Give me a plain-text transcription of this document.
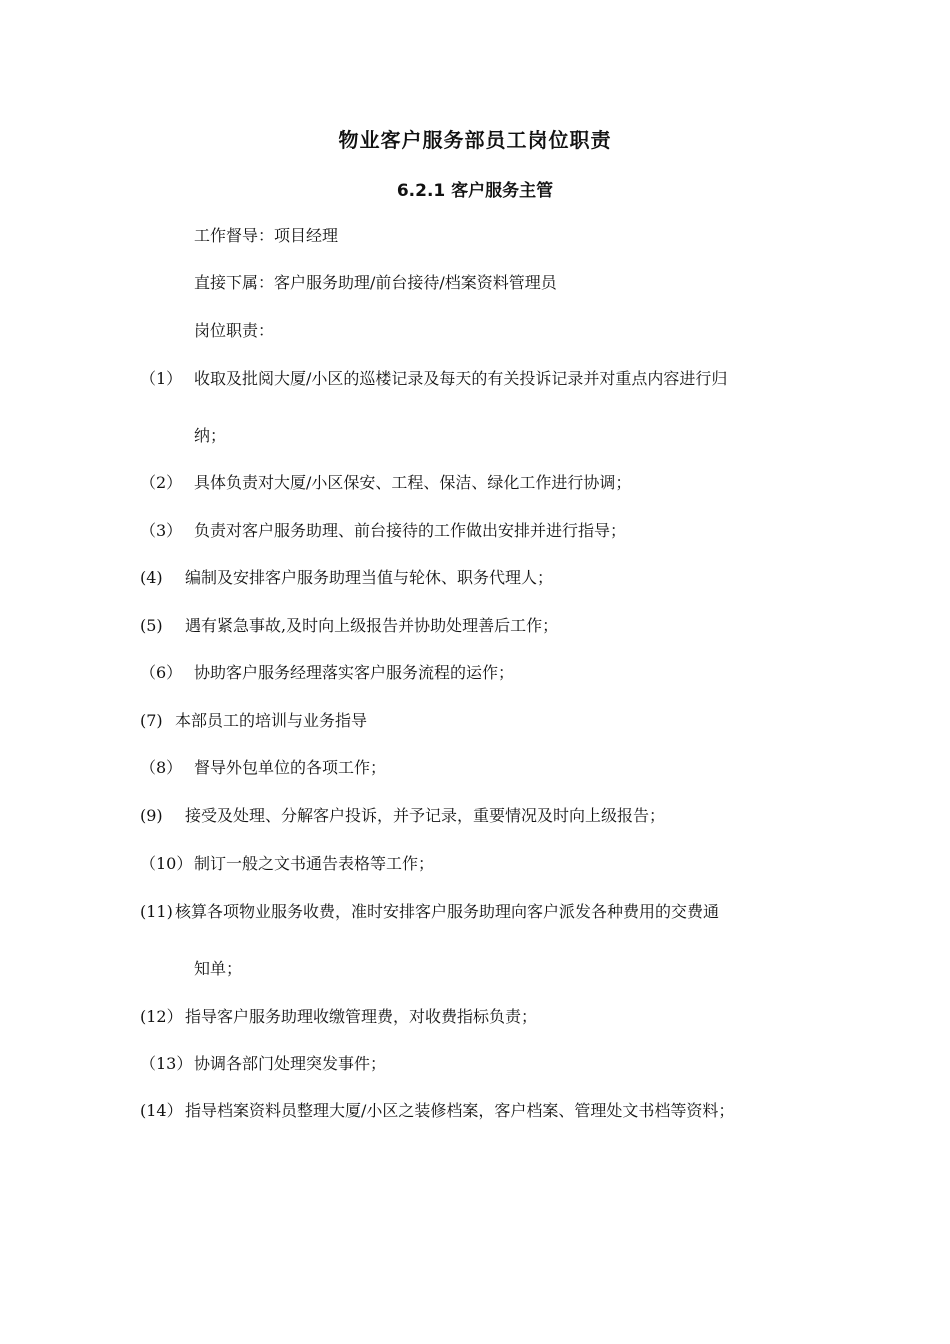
物业客户服务部员工岗位职责
6.2.1 客户服务主管
工作督导：项目经理
直接下属：客户服务助理/前台接待/档案资料管理员
岗位职责：
（1） 收取及批阅大厦/小区的巡楼记录及每天的有关投诉记录并对重点内容进行归
纳；
（2） 具体负责对大厦/小区保安、工程、保洁、绿化工作进行协调；
（3） 负责对客户服务助理、前台接待的工作做出安排并进行指导；
(4) 编制及安排客户服务助理当值与轮休、职务代理人；
(5) 遇有紧急事故,及时向上级报告并协助处理善后工作；
（6） 协助客户服务经理落实客户服务流程的运作；
(7) 本部员工的培训与业务指导
（8） 督导外包单位的各项工作；
(9) 接受及处理、分解客户投诉，并予记录，重要情况及时向上级报告；
（10） 制订一般之文书通告表格等工作；
(11) 核算各项物业服务收费，准时安排客户服务助理向客户派发各种费用的交费通
知单；
(12） 指导客户服务助理收缴管理费，对收费指标负责；
（13） 协调各部门处理突发事件；
(14） 指导档案资料员整理大厦/小区之装修档案，客户档案、管理处文书档等资料；
